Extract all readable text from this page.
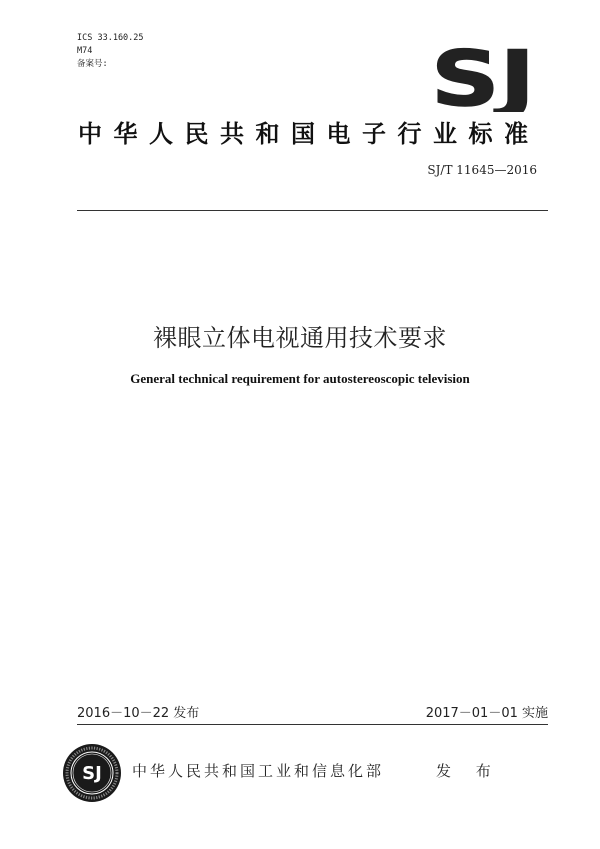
ICS 33.160.25
M74
备案号:	SJ
中华人民共和国电子行业标准
SJ/T 11645—2016
裸眼立体电视通用技术要求
General technical requirement for autostereoscopic television
2016－10－22 发布	2017－01－01 实施
SJ 中华人民共和国工业和信息化部	发 布
